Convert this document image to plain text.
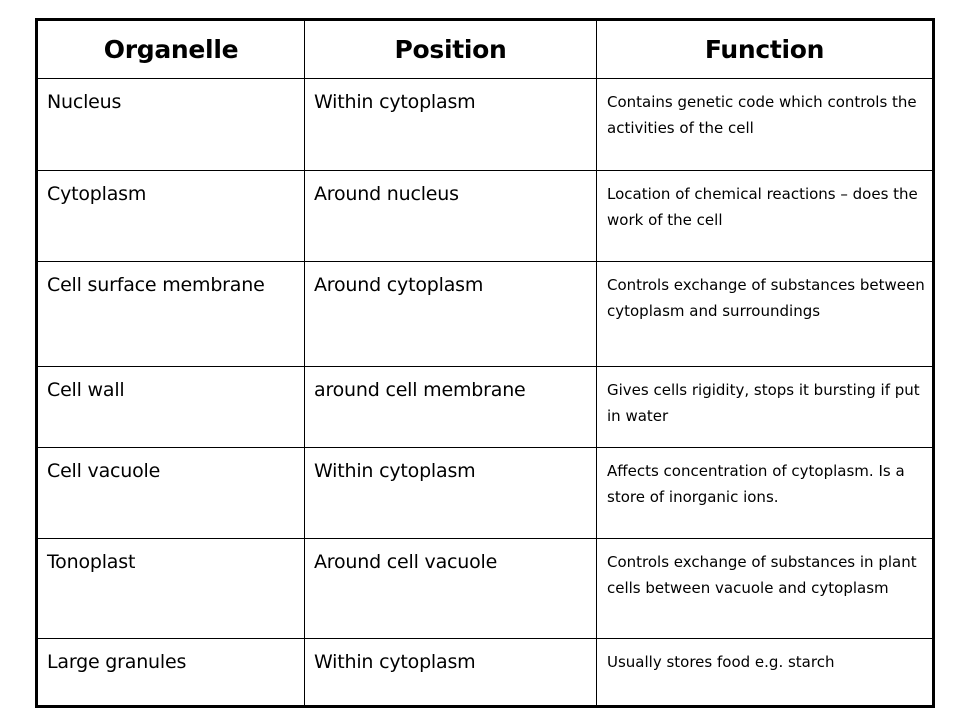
Organelle	Position	Function
Nucleus	Within cytoplasm	Contains genetic code which controls the activities of the cell
Cytoplasm	Around nucleus	Location of chemical reactions – does the work of the cell
Cell surface membrane	Around cytoplasm	Controls exchange of substances between cytoplasm and surroundings
Cell wall	around cell membrane	Gives cells rigidity, stops it bursting if put in water
Cell vacuole	Within cytoplasm	Affects concentration of cytoplasm. Is a store of inorganic ions.
Tonoplast	Around cell vacuole	Controls exchange of substances in plant cells between vacuole and cytoplasm
Large granules	Within cytoplasm	Usually stores food e.g. starch
